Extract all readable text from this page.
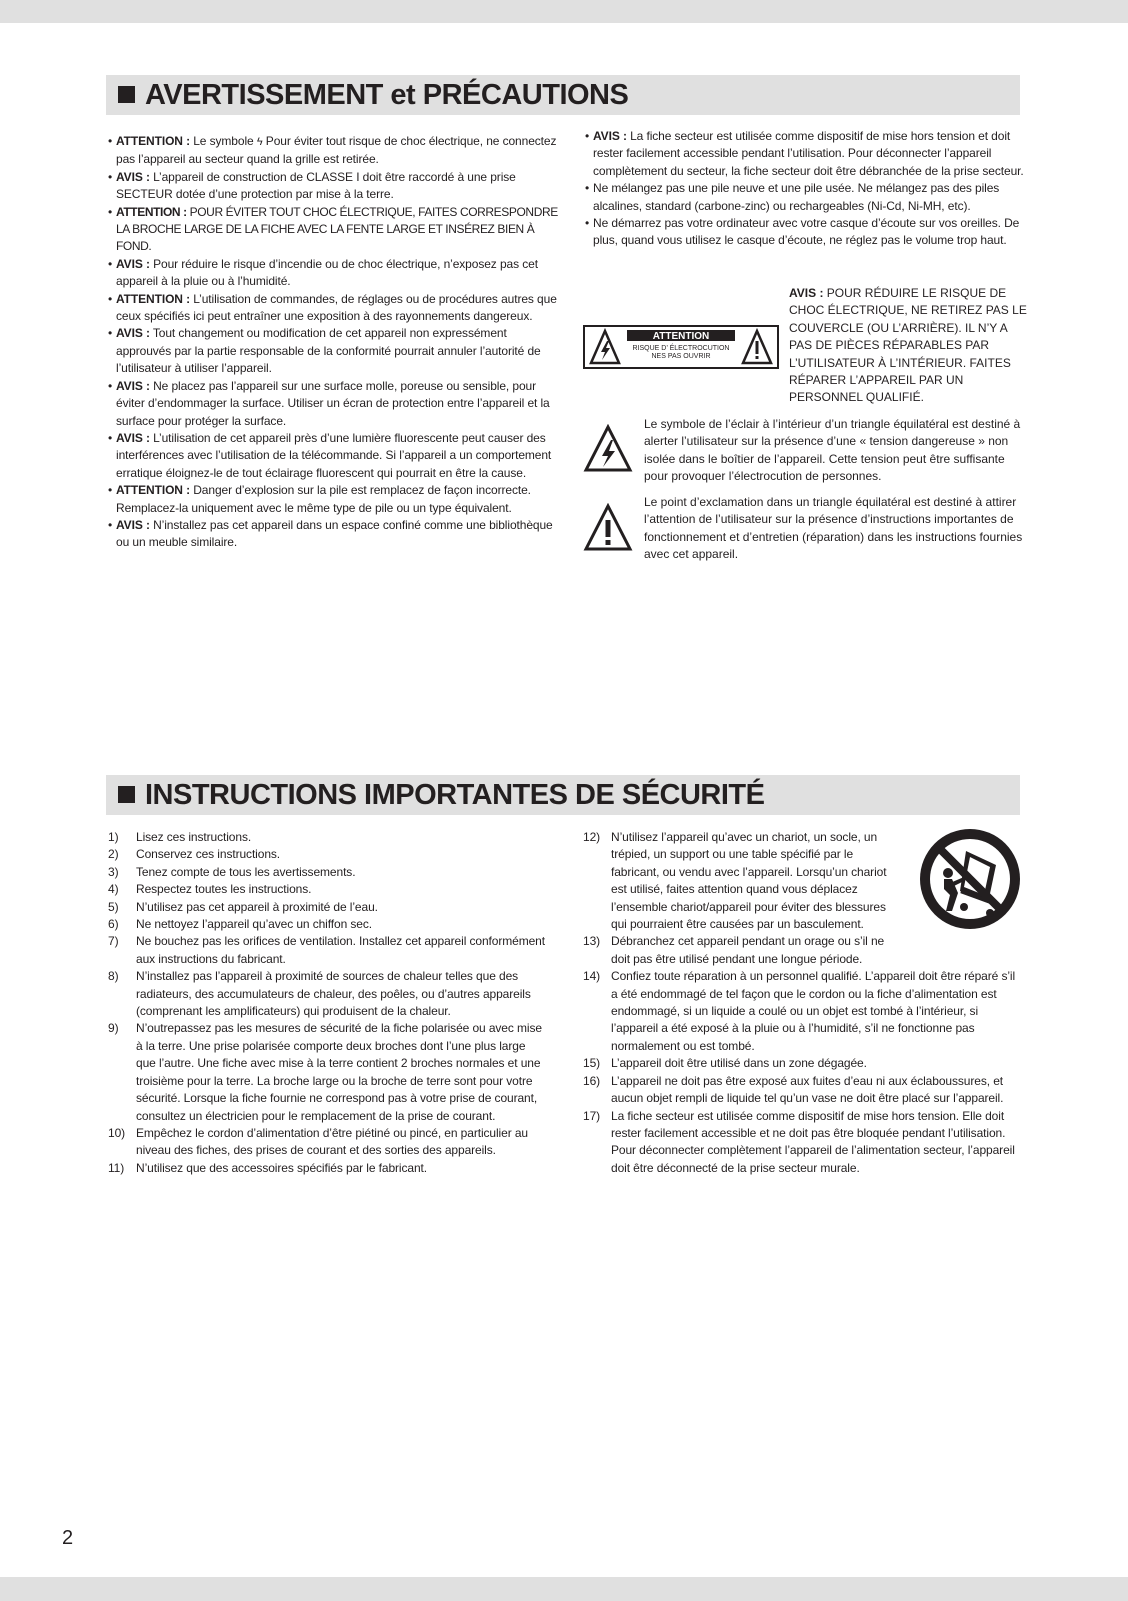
AVERTISSEMENT et PRÉCAUTIONS
• ATTENTION : Le symbole ϟ Pour éviter tout risque de choc électrique, ne connectez pas l’appareil au secteur quand la grille est retirée.
• AVIS : L’appareil de construction de CLASSE I doit être raccordé à une prise SECTEUR dotée d’une protection par mise à la terre.
• ATTENTION : POUR ÉVITER TOUT CHOC ÉLECTRIQUE, FAITES CORRESPONDRE LA BROCHE LARGE DE LA FICHE AVEC LA FENTE LARGE ET INSÉREZ BIEN À FOND.
• AVIS : Pour réduire le risque d’incendie ou de choc électrique, n’exposez pas cet appareil à la pluie ou à l’humidité.
• ATTENTION : L’utilisation de commandes, de réglages ou de procédures autres que ceux spécifiés ici peut entraîner une exposition à des rayonnements dangereux.
• AVIS : Tout changement ou modification de cet appareil non expressément approuvés par la partie responsable de la conformité pourrait annuler l’autorité de l’utilisateur à utiliser l’appareil.
• AVIS : Ne placez pas l’appareil sur une surface molle, poreuse ou sensible, pour éviter d’endommager la surface. Utiliser un écran de protection entre l’appareil et la surface pour protéger la surface.
• AVIS : L’utilisation de cet appareil près d’une lumière fluorescente peut causer des interférences avec l’utilisation de la télécommande. Si l’appareil a un comportement erratique éloignez-le de tout éclairage fluorescent qui pourrait en être la cause.
• ATTENTION : Danger d’explosion sur la pile est remplacez de façon incorrecte. Remplacez-la uniquement avec le même type de pile ou un type équivalent.
• AVIS : N’installez pas cet appareil dans un espace confiné comme une bibliothèque ou un meuble similaire.
• AVIS : La fiche secteur est utilisée comme dispositif de mise hors tension et doit rester facilement accessible pendant l’utilisation. Pour déconnecter l’appareil complètement du secteur, la fiche secteur doit être débranchée de la prise secteur.
• Ne mélangez pas une pile neuve et une pile usée. Ne mélangez pas des piles alcalines, standard (carbone-zinc) ou rechargeables (Ni-Cd, Ni-MH, etc).
• Ne démarrez pas votre ordinateur avec votre casque d’écoute sur vos oreilles. De plus, quand vous utilisez le casque d’écoute, ne réglez pas le volume trop haut.
ATTENTION
RISQUE D’ ÉLECTROCUTION
NES PAS OUVRIR
AVIS : POUR RÉDUIRE LE RISQUE DE CHOC ÉLECTRIQUE, NE RETIREZ PAS LE COUVERCLE (OU L’ARRIÈRE). IL N’Y A PAS DE PIÈCES RÉPARABLES PAR L’UTILISATEUR À L’INTÉRIEUR. FAITES RÉPARER L’APPAREIL PAR UN PERSONNEL QUALIFIÉ.
Le symbole de l’éclair à l’intérieur d’un triangle équilatéral est destiné à alerter l’utilisateur sur la présence d’une « tension dangereuse » non isolée dans le boîtier de l’appareil. Cette tension peut être suffisante pour provoquer l’électrocution de personnes.
Le point d’exclamation dans un triangle équilatéral est destiné à attirer l’attention de l’utilisateur sur la présence d’instructions importantes de fonctionnement et d’entretien (réparation) dans les instructions fournies avec cet appareil.
INSTRUCTIONS IMPORTANTES DE SÉCURITÉ
1) Lisez ces instructions.
2) Conservez ces instructions.
3) Tenez compte de tous les avertissements.
4) Respectez toutes les instructions.
5) N’utilisez pas cet appareil à proximité de l’eau.
6) Ne nettoyez l’appareil qu’avec un chiffon sec.
7) Ne bouchez pas les orifices de ventilation. Installez cet appareil conformément aux instructions du fabricant.
8) N’installez pas l’appareil à proximité de sources de chaleur telles que des radiateurs, des accumulateurs de chaleur, des poêles, ou d’autres appareils (comprenant les amplificateurs) qui produisent de la chaleur.
9) N’outrepassez pas les mesures de sécurité de la fiche polarisée ou avec mise à la terre. Une prise polarisée comporte deux broches dont l’une plus large que l’autre. Une fiche avec mise à la terre contient 2 broches normales et une troisième pour la terre. La broche large ou la broche de terre sont pour votre sécurité. Lorsque la fiche fournie ne correspond pas à votre prise de courant, consultez un électricien pour le remplacement de la prise de courant.
10) Empêchez le cordon d’alimentation d’être piétiné ou pincé, en particulier au niveau des fiches, des prises de courant et des sorties des appareils.
11) N’utilisez que des accessoires spécifiés par le fabricant.
12) N’utilisez l’appareil qu’avec un chariot, un socle, un trépied, un support ou une table spécifié par le fabricant, ou vendu avec l’appareil. Lorsqu’un chariot est utilisé, faites attention quand vous déplacez l’ensemble chariot/appareil pour éviter des blessures qui pourraient être causées par un basculement.
13) Débranchez cet appareil pendant un orage ou s’il ne doit pas être utilisé pendant une longue période.
14) Confiez toute réparation à un personnel qualifié. L’appareil doit être réparé s’il a été endommagé de tel façon que le cordon ou la fiche d’alimentation est endommagé, si un liquide a coulé ou un objet est tombé à l’intérieur, si l’appareil a été exposé à la pluie ou à l’humidité, s’il ne fonctionne pas normalement ou est tombé.
15) L’appareil doit être utilisé dans un zone dégagée.
16) L’appareil ne doit pas être exposé aux fuites d’eau ni aux éclaboussures, et aucun objet rempli de liquide tel qu’un vase ne doit être placé sur l’appareil.
17) La fiche secteur est utilisée comme dispositif de mise hors tension. Elle doit rester facilement accessible et ne doit pas être bloquée pendant l’utilisation. Pour déconnecter complètement l’appareil de l’alimentation secteur, l’appareil doit être déconnecté de la prise secteur murale.
2
